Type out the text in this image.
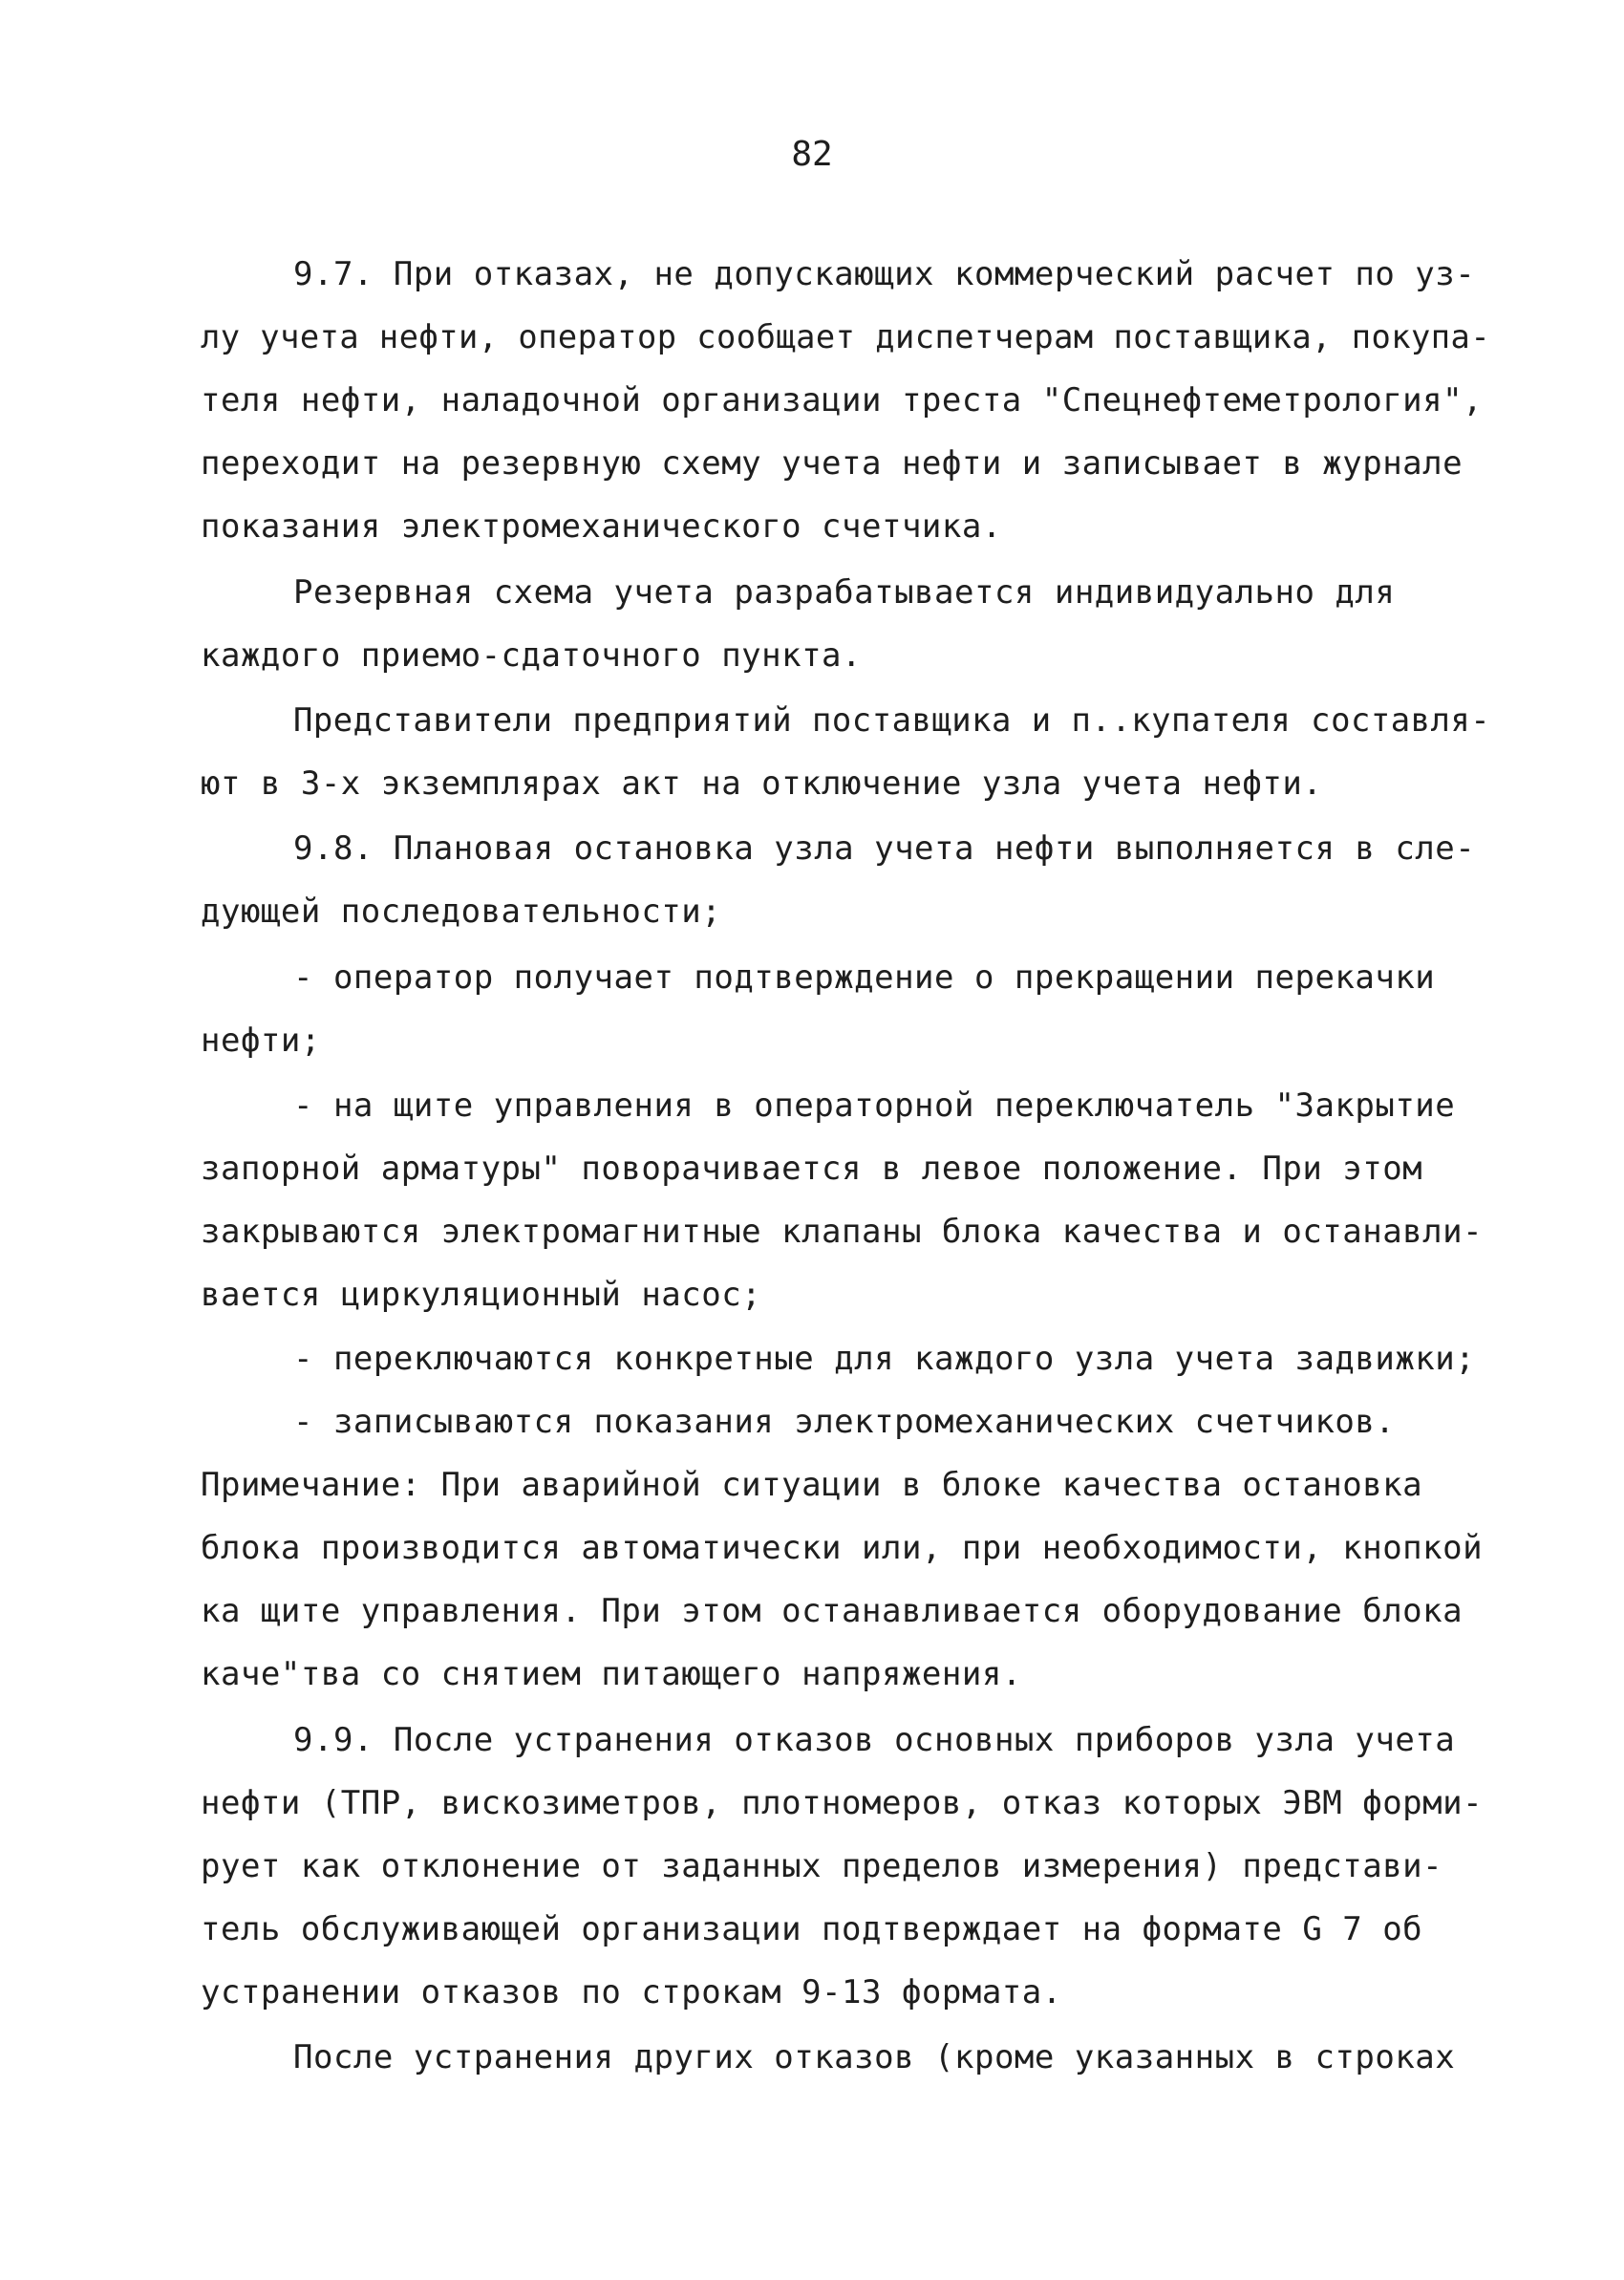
82
9.7. При отказах, не допускающих коммерческий расчет по уз-
лу учета нефти, оператор сообщает диспетчерам поставщика, покупа-
теля нефти, наладочной организации треста "Спецнефтеметрология",
переходит на резервную схему учета нефти и записывает в журнале
показания электромеханического счетчика.
Резервная схема учета разрабатывается индивидуально для
каждого приемо-сдаточного пункта.
Представители предприятий поставщика и п..купателя составля-
ют в 3-х экземплярах акт на отключение узла учета нефти.
9.8. Плановая остановка узла учета нефти выполняется в сле-
дующей последовательности;
- оператор получает подтверждение о прекращении перекачки
нефти;
- на щите управления в операторной переключатель "Закрытие
запорной арматуры" поворачивается в левое положение. При этом
закрываются электромагнитные клапаны блока качества и останавли-
вается циркуляционный насос;
- переключаются конкретные для каждого узла учета задвижки;
- записываются показания электромеханических счетчиков.
Примечание: При аварийной ситуации в блоке качества остановка
блока производится автоматически или, при необходимости, кнопкой
ка щите управления. При этом останавливается оборудование блока
каче"тва со снятием питающего напряжения.
9.9. После устранения отказов основных приборов узла учета
нефти (ТПР, вискозиметров, плотномеров, отказ которых ЭВМ форми-
рует как отклонение от заданных пределов измерения) представи-
тель обслуживающей организации подтверждает на формате G 7 об
устранении отказов по строкам 9-13 формата.
После устранения других отказов (кроме указанных в строках
